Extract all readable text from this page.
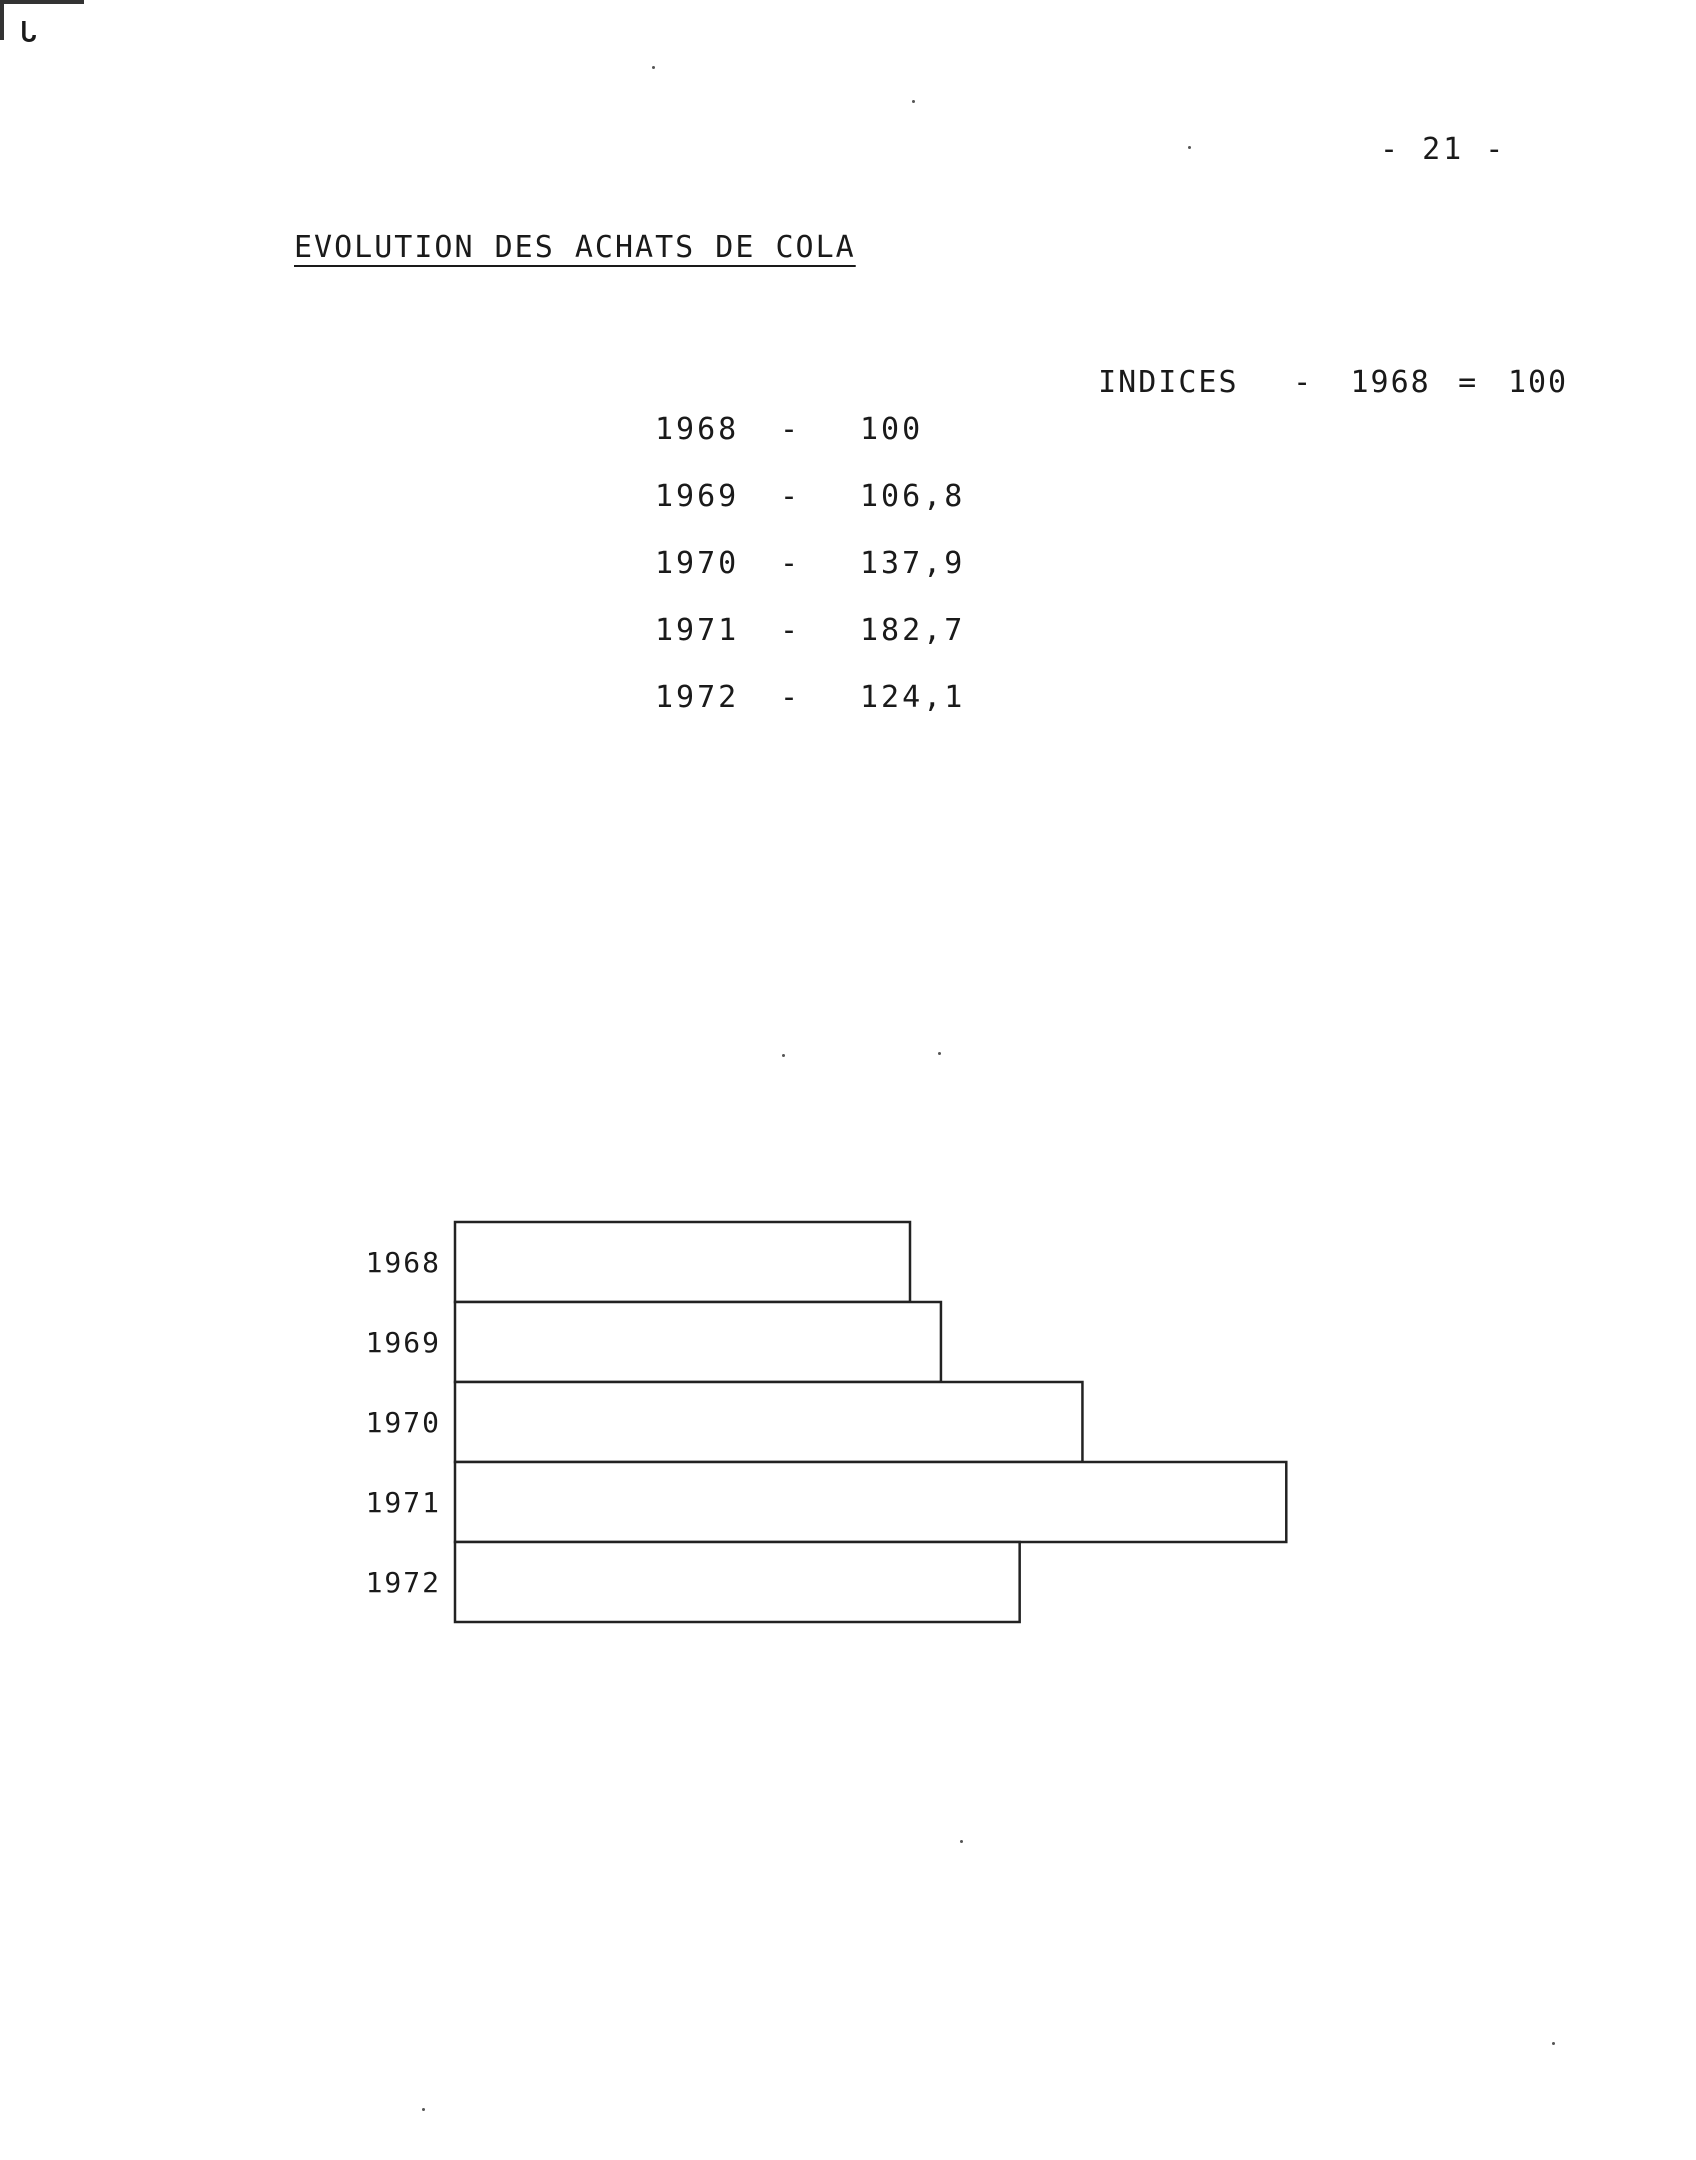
ᒐ
- 21 -
EVOLUTION DES ACHATS DE COLA

INDICES - 1968 = 100

1968 - 100
1969 - 106,8
1970 - 137,9
1971 - 182,7
1972 - 124,1
1968
1969
1970
1971
1972
